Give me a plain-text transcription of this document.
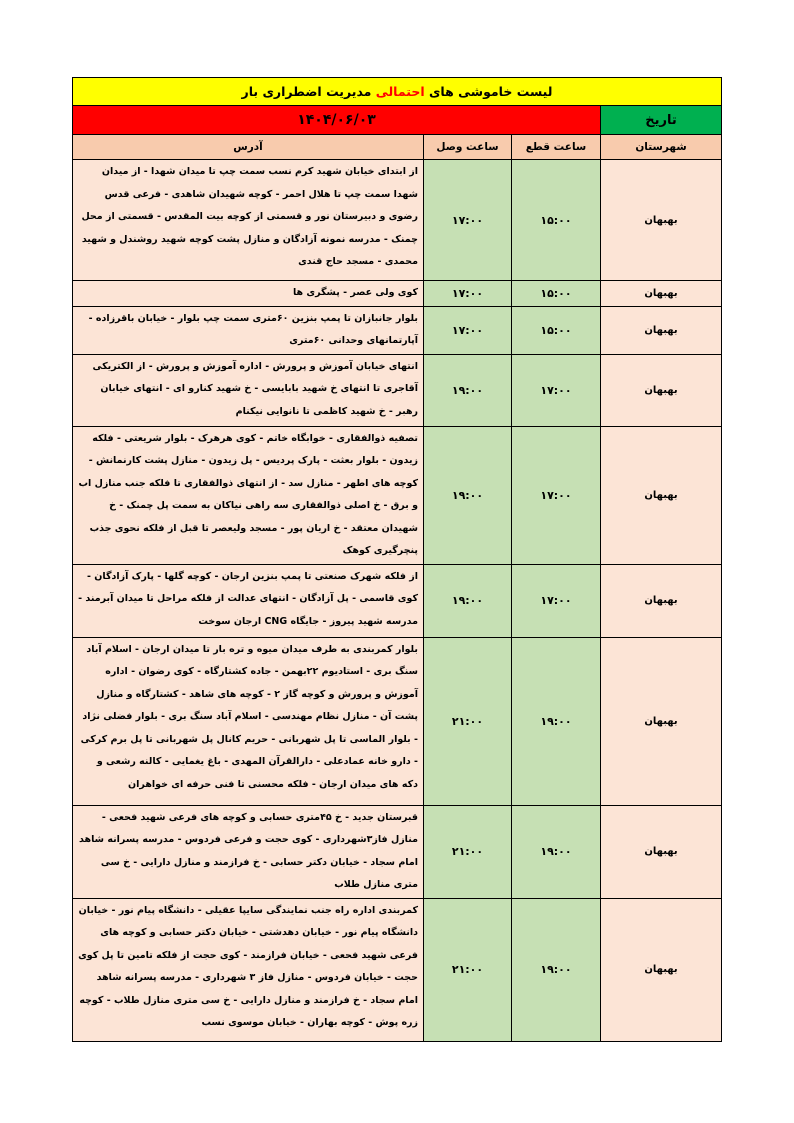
لیست خاموشی های احتمالی مدیریت اضطراری بار			
تاریخ	۱۴۰۴/۰۶/۰۳		
شهرستان	ساعت قطع	ساعت وصل	آدرس
بهبهان	۱۵:۰۰	۱۷:۰۰	از ابتدای خیابان شهید کرم نسب سمت چپ تا میدان شهدا - از میدان شهدا سمت چپ تا هلال احمر - کوچه شهیدان شاهدی - فرعی قدس رضوی و دبیرستان نور و قسمتی از کوچه بیت المقدس - قسمتی از محل چمنک - مدرسه نمونه آزادگان و منازل پشت کوچه شهید روشندل و شهید محمدی - مسجد حاج قندی
بهبهان	۱۵:۰۰	۱۷:۰۰	کوی ولی عصر - پشگری ها
بهبهان	۱۵:۰۰	۱۷:۰۰	بلوار جانبازان تا پمپ بنزین ۶۰متری سمت چپ بلوار - خیابان باقرزاده - آپارتمانهای وحدانی ۶۰متری
بهبهان	۱۷:۰۰	۱۹:۰۰	انتهای خیابان آموزش و پرورش - اداره آموزش و پرورش - از الکتریکی آقاجری تا انتهای خ شهید بابایسی - خ شهید کنارو ای - انتهای خیابان رهبر - خ شهید کاظمی تا نانوایی نیکنام
بهبهان	۱۷:۰۰	۱۹:۰۰	تصفیه ذوالفقاری - خوابگاه خاتم - کوی هرهرک - بلوار شریعتی - فلکه زیدون - بلوار بعثت - پارک پردیس - پل زیدون - منازل پشت کارنمانش - کوچه های اطهر - منازل سد - از انتهای ذوالفقاری تا فلکه جنب منازل اب و برق - خ اصلی ذوالفقاری سه راهی نیاکان به سمت پل چمنک - خ شهیدان معتقد - خ اریان پور - مسجد ولیعصر تا قبل از فلکه نحوی جذب پنچرگیری کوهک
بهبهان	۱۷:۰۰	۱۹:۰۰	از فلکه شهرک صنعتی تا پمپ بنزین ارجان - کوچه گلها - پارک آزادگان - کوی قاسمی - پل آزادگان - انتهای عدالت از فلکه مراحل تا میدان آبرمند - مدرسه شهید پیروز - جایگاه CNG ارجان سوخت
بهبهان	۱۹:۰۰	۲۱:۰۰	بلوار کمربندی به طرف میدان میوه و تره بار تا میدان ارجان - اسلام آباد سنگ بری - استادیوم ۲۲بهمن - جاده کشتارگاه - کوی رضوان - اداره آموزش و پرورش و کوچه گاز ۲ - کوچه های شاهد - کشتارگاه و منازل پشت آن - منازل نظام مهندسی - اسلام آباد سنگ بری - بلوار فضلی نژاد - بلوار الماسی تا پل شهربانی - حریم کانال پل شهربانی تا پل برم کرکی - دارو خانه عمادعلی - دارالقرآن المهدی - باغ یغمایی - کالنه رشعی و دکه های میدان ارجان - فلکه محسنی تا فنی حرفه ای خواهران
بهبهان	۱۹:۰۰	۲۱:۰۰	قبرستان جدید - خ ۴۵متری حسابی و کوچه های فرعی شهید فحعی - منازل فاز۳شهرداری - کوی حجت و فرعی فردوس - مدرسه پسرانه شاهد امام سجاد - خیابان دکتر حسابی - خ فرازمند و منازل دارایی - خ سی متری منازل طلاب
بهبهان	۱۹:۰۰	۲۱:۰۰	کمربندی اداره راه جنب نمایندگی سایپا عقیلی - دانشگاه پیام نور - خیابان دانشگاه پیام نور - خیابان دهدشتی - خیابان دکتر حسابی و کوچه های فرعی شهید فحعی - خیابان فرازمند - کوی حجت از فلکه تامین تا پل کوی حجت - خیابان فردوس - منازل فاز ۳ شهرداری - مدرسه پسرانه شاهد امام سجاد - خ فرازمند و منازل دارایی - خ سی متری منازل طلاب - کوچه زره پوش - کوچه بهاران - خیابان موسوی نسب
